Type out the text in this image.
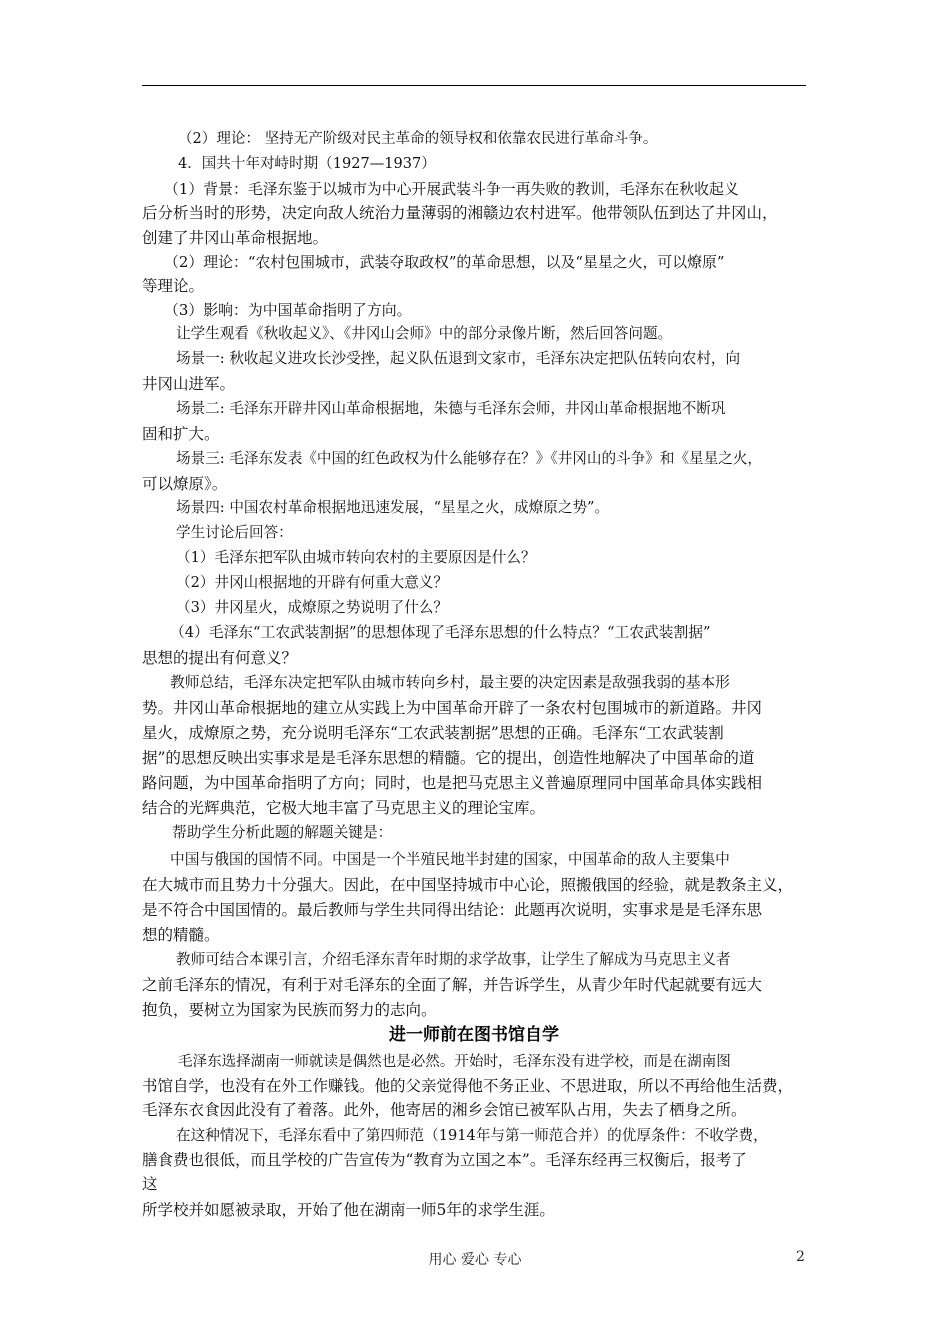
（2）理论： 坚持无产阶级对民主革命的领导权和依靠农民进行革命斗争。
4．国共十年对峙时期（1927—1937）
（1）背景：毛泽东鉴于以城市为中心开展武装斗争一再失败的教训，毛泽东在秋收起义
后分析当时的形势，决定向敌人统治力量薄弱的湘赣边农村进军。他带领队伍到达了井冈山，
创建了井冈山革命根据地。
（2）理论：“农村包围城市，武装夺取政权”的革命思想，以及“星星之火，可以燎原”
等理论。
（3）影响：为中国革命指明了方向。
让学生观看《秋收起义》、《井冈山会师》中的部分录像片断，然后回答问题。
场景一: 秋收起义进攻长沙受挫，起义队伍退到文家市，毛泽东决定把队伍转向农村，向
井冈山进军。
场景二: 毛泽东开辟井冈山革命根据地，朱德与毛泽东会师，井冈山革命根据地不断巩
固和扩大。
场景三: 毛泽东发表《中国的红色政权为什么能够存在？》《井冈山的斗争》和《星星之火，
可以燎原》。
场景四: 中国农村革命根据地迅速发展，“星星之火，成燎原之势”。
学生讨论后回答：
（1）毛泽东把军队由城市转向农村的主要原因是什么？
（2）井冈山根据地的开辟有何重大意义？
（3）井冈星火，成燎原之势说明了什么？
（4）毛泽东“工农武装割据”的思想体现了毛泽东思想的什么特点？“工农武装割据”
思想的提出有何意义？
教师总结，毛泽东决定把军队由城市转向乡村，最主要的决定因素是敌强我弱的基本形
势。井冈山革命根据地的建立从实践上为中国革命开辟了一条农村包围城市的新道路。井冈
星火，成燎原之势，充分说明毛泽东“工农武装割据”思想的正确。毛泽东“工农武装割
据”的思想反映出实事求是是毛泽东思想的精髓。它的提出，创造性地解决了中国革命的道
路问题，为中国革命指明了方向；同时，也是把马克思主义普遍原理同中国革命具体实践相
结合的光辉典范，它极大地丰富了马克思主义的理论宝库。
帮助学生分析此题的解题关键是：
中国与俄国的国情不同。中国是一个半殖民地半封建的国家，中国革命的敌人主要集中
在大城市而且势力十分强大。因此，在中国坚持城市中心论，照搬俄国的经验，就是教条主义，
是不符合中国国情的。最后教师与学生共同得出结论：此题再次说明，实事求是是毛泽东思
想的精髓。
教师可结合本课引言，介绍毛泽东青年时期的求学故事，让学生了解成为马克思主义者
之前毛泽东的情况，有利于对毛泽东的全面了解，并告诉学生，从青少年时代起就要有远大
抱负，要树立为国家为民族而努力的志向。
进一师前在图书馆自学
毛泽东选择湖南一师就读是偶然也是必然。开始时，毛泽东没有进学校，而是在湖南图
书馆自学，也没有在外工作赚钱。他的父亲觉得他不务正业、不思进取，所以不再给他生活费，
毛泽东衣食因此没有了着落。此外，他寄居的湘乡会馆已被军队占用，失去了栖身之所。
在这种情况下，毛泽东看中了第四师范（1914年与第一师范合并）的优厚条件：不收学费，
膳食费也很低，而且学校的广告宣传为“教育为立国之本”。毛泽东经再三权衡后，报考了
这
所学校并如愿被录取，开始了他在湖南一师5年的求学生涯。
用心 爱心 专心	2
